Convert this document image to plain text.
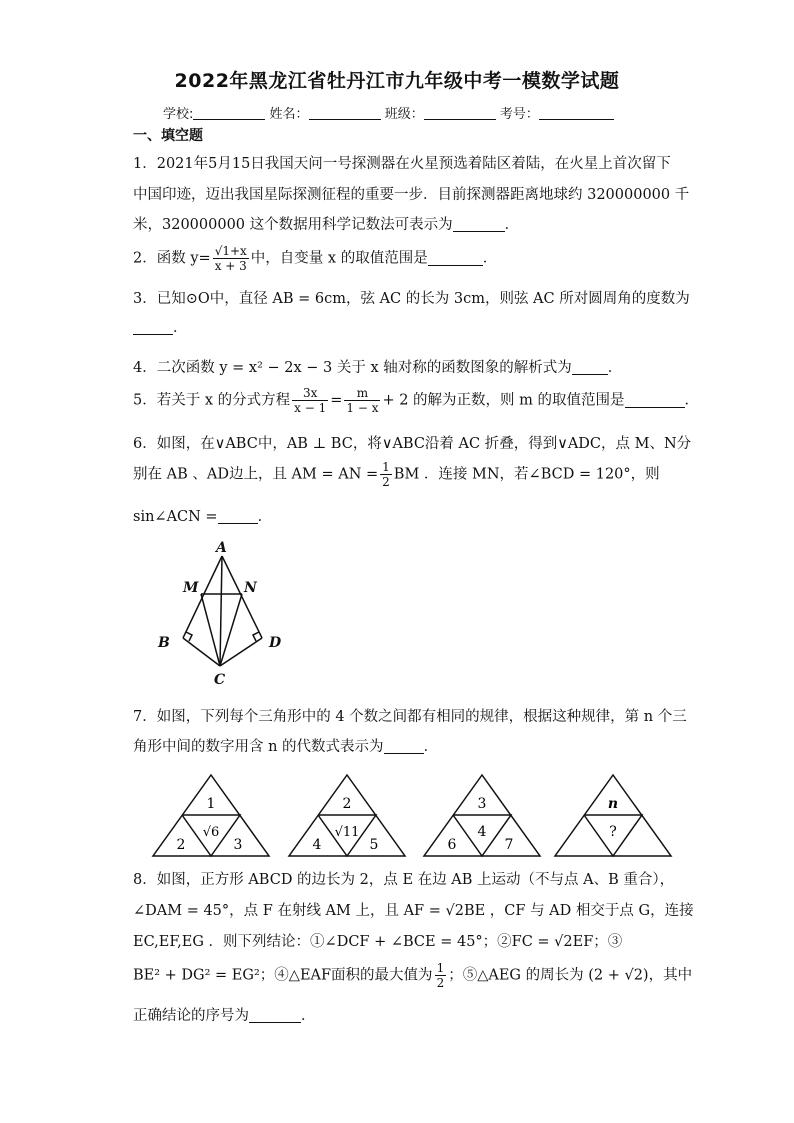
2022年黑龙江省牡丹江市九年级中考一模数学试题
学校:	姓名：	班级：	考号：
一、填空题
1．2021年5月15日我国天问一号探测器在火星预选着陆区着陆，在火星上首次留下
中国印迹，迈出我国星际探测征程的重要一步．目前探测器距离地球约 320000000 千
米，320000000 这个数据用科学记数法可表示为	．
2．函数 $y= \frac{√1+x}{x + 3}$ 中，自变量 x 的取值范围是	．
3．已知⊙O中，直径 AB = 6cm，弦 AC 的长为 3cm，则弦 AC 所对圆周角的度数为
．
4．二次函数 y = x² − 2x − 3 关于 x 轴对称的函数图象的解析式为 ．
5．若关于 x 的分式方程 $\frac{3x}{x - 1} = \frac{m}{1 - x} + 2$ 的解为正数，则 m 的取值范围是	．
6．如图，在∨ABC中，AB ⊥ BC，将∨ABC沿着 AC 折叠，得到∨ADC，点 M、N分
别在 AB 、AD边上，且 AM = AN = $\frac{1}{2}$ BM ．连接 MN，若∠BCD = 120°，则
sin∠ACN =	．
A
M	N
B	D
C
7．如图，下列每个三角形中的 4 个数之间都有相同的规律，根据这种规律，第 n 个三
角形中间的数字用含 n 的代数式表示为	．
1
√6
2	3
2
√11
4	5
3
4
6	7
n
?
8．如图，正方形 ABCD 的边长为 2，点 E 在边 AB 上运动（不与点 A、B 重合），
∠DAM = 45°，点 F 在射线 AM 上，且 AF = √2BE ，CF 与 AD 相交于点 G，连接
EC,EF,EG ．则下列结论：①∠DCF + ∠BCE = 45°；②FC = √2EF；③
BE² + DG² = EG²；④△EAF面积的最大值为 $\frac{1}{2}$ ；⑤△AEG 的周长为 (2 + √2)，其中
正确结论的序号为	．
